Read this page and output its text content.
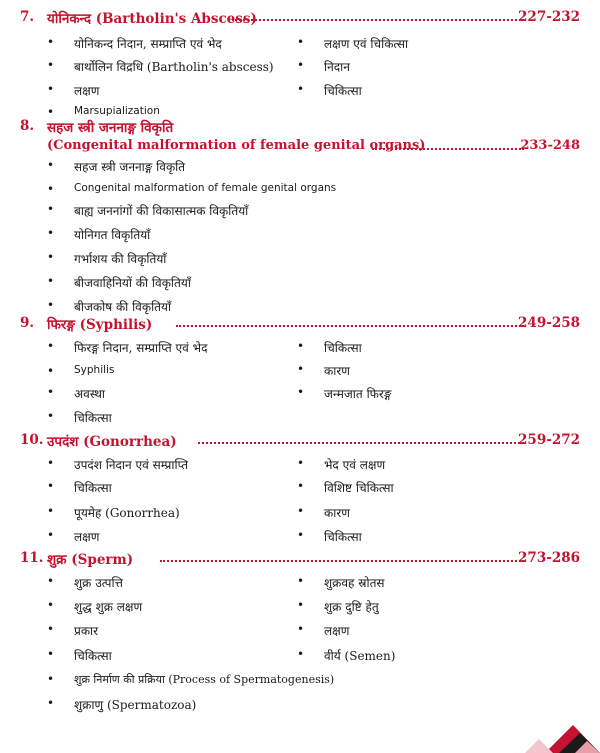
7. योनिकन्द (Bartholin's Abscess)	227-232
• योनिकन्द निदान, सम्प्राप्ति एवं भेद
• बार्थोलिन विद्रधि (Bartholin's abscess)
• लक्षण
• Marsupialization
• लक्षण एवं चिकित्सा
• निदान
• चिकित्सा
8. सहज स्त्री जननाङ्ग विकृति
(Congenital malformation of female genital organs)	233-248
• सहज स्त्री जननाङ्ग विकृति
• Congenital malformation of female genital organs
• बाह्य जननांगों की विकासात्मक विकृतियाँ
• योनिगत विकृतियाँ
• गर्भाशय की विकृतियाँ
• बीजवाहिनियों की विकृतियाँ
• बीजकोष की विकृतियाँ
9. फिरङ्ग (Syphilis)	249-258
• फिरङ्ग निदान, सम्प्राप्ति एवं भेद
• Syphilis
• अवस्था
• चिकित्सा
• चिकित्सा
• कारण
• जन्मजात फिरङ्ग
10. उपदंश (Gonorrhea)	259-272
• उपदंश निदान एवं सम्प्राप्ति
• चिकित्सा
• पूयमेह (Gonorrhea)
• लक्षण
• भेद एवं लक्षण
• विशिष्ट चिकित्सा
• कारण
• चिकित्सा
11. शुक्र (Sperm)	273-286
• शुक्र उत्पत्ति
• शुद्ध शुक्र लक्षण
• प्रकार
• चिकित्सा
• शुक्र निर्माण की प्रक्रिया (Process of Spermatogenesis)
• शुक्राणु (Spermatozoa)
• शुक्रवह स्रोतस
• शुक्र दुष्टि हेतु
• लक्षण
• वीर्य (Semen)
